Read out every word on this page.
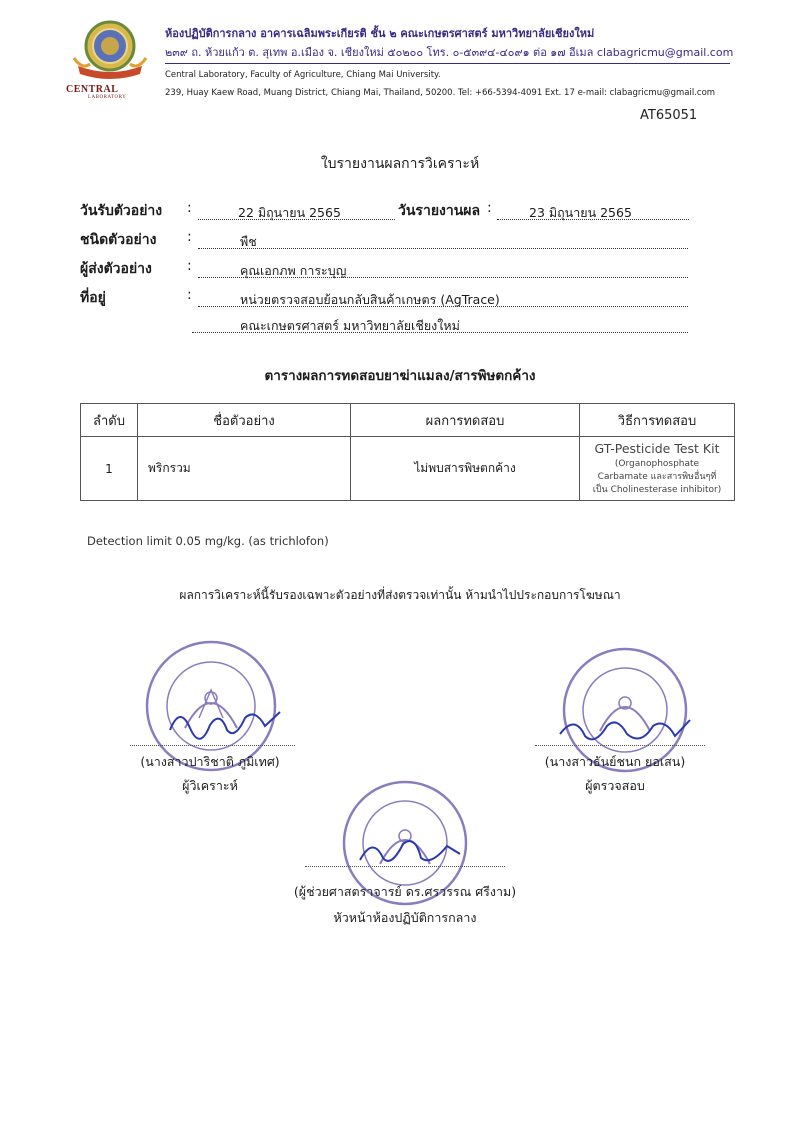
CENTRAL
LABORATORY
ห้องปฏิบัติการกลาง อาคารเฉลิมพระเกียรติ ชั้น ๒ คณะเกษตรศาสตร์ มหาวิทยาลัยเชียงใหม่
๒๓๙ ถ. ห้วยแก้ว ต. สุเทพ อ.เมือง จ. เชียงใหม่ ๕๐๒๐๐ โทร. ๐-๕๓๙๔-๔๐๙๑ ต่อ ๑๗ อีเมล clabagricmu@gmail.com
Central Laboratory, Faculty of Agriculture, Chiang Mai University.
239, Huay Kaew Road, Muang District, Chiang Mai, Thailand, 50200. Tel: +66-5394-4091 Ext. 17 e-mail: clabagricmu@gmail.com
AT65051
ใบรายงานผลการวิเคราะห์
วันรับตัวอย่าง :	22 มิถุนายน 2565	วันรายงานผล :	23 มิถุนายน 2565
ชนิดตัวอย่าง :	พืช
ผู้ส่งตัวอย่าง	:	คุณเอกภพ การะบุญ
ที่อยู่	:	หน่วยตรวจสอบย้อนกลับสินค้าเกษตร (AgTrace)
คณะเกษตรศาสตร์ มหาวิทยาลัยเชียงใหม่
ตารางผลการทดสอบยาฆ่าแมลง/สารพิษตกค้าง
ลำดับ	ชื่อตัวอย่าง	ผลการทดสอบ	วิธีการทดสอบ
1	พริกรวม	ไม่พบสารพิษตกค้าง	GT-Pesticide Test Kit
(Organophosphate
Carbamate และสารพิษอื่นๆที่
เป็น Cholinesterase inhibitor)
Detection limit 0.05 mg/kg. (as trichlofon)
ผลการวิเคราะห์นี้รับรองเฉพาะตัวอย่างที่ส่งตรวจเท่านั้น ห้ามนำไปประกอบการโฆษณา
(นางสาวปาริชาติ ภูมิเทศ)
ผู้วิเคราะห์
(นางสาวธันย์ชนก ยอเสน)
ผู้ตรวจสอบ
(ผู้ช่วยศาสตราจารย์ ดร.ศรวรรณ ศรีงาม)
หัวหน้าห้องปฏิบัติการกลาง
